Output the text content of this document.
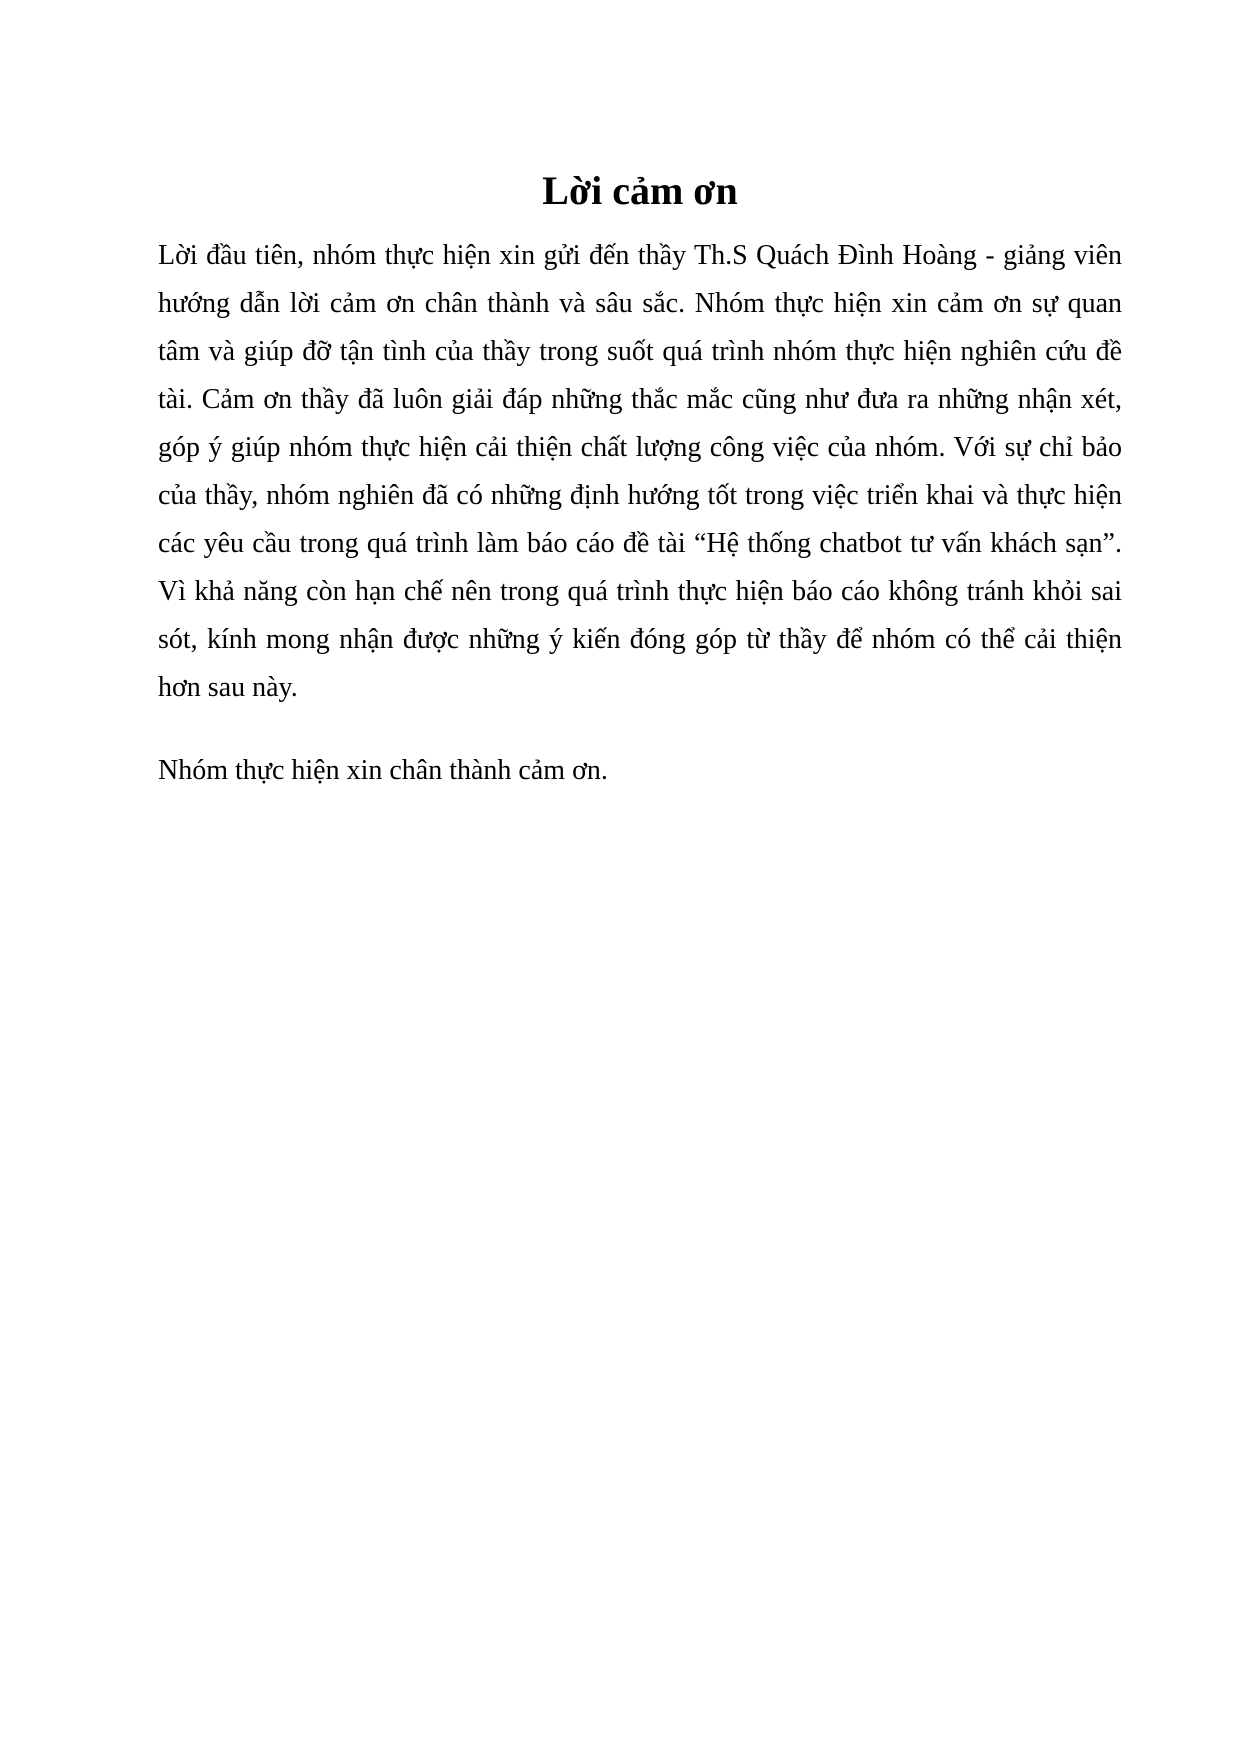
Lời cảm ơn

Lời đầu tiên, nhóm thực hiện xin gửi đến thầy Th.S Quách Đình Hoàng - giảng viên hướng dẫn lời cảm ơn chân thành và sâu sắc. Nhóm thực hiện xin cảm ơn sự quan tâm và giúp đỡ tận tình của thầy trong suốt quá trình nhóm thực hiện nghiên cứu đề tài. Cảm ơn thầy đã luôn giải đáp những thắc mắc cũng như đưa ra những nhận xét, góp ý giúp nhóm thực hiện cải thiện chất lượng công việc của nhóm. Với sự chỉ bảo của thầy, nhóm nghiên đã có những định hướng tốt trong việc triển khai và thực hiện các yêu cầu trong quá trình làm báo cáo đề tài “Hệ thống chatbot tư vấn khách sạn”. Vì khả năng còn hạn chế nên trong quá trình thực hiện báo cáo không tránh khỏi sai sót, kính mong nhận được những ý kiến đóng góp từ thầy để nhóm có thể cải thiện hơn sau này.

Nhóm thực hiện xin chân thành cảm ơn.
